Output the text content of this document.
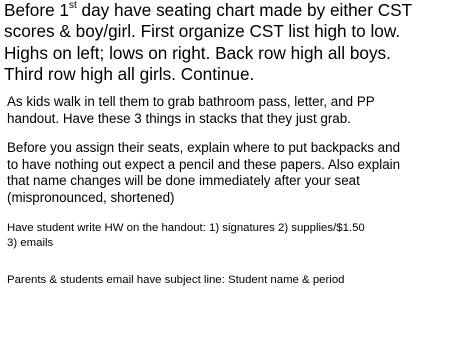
Before 1st day have seating chart made by either CST
scores & boy/girl. First organize CST list high to low.
Highs on left; lows on right. Back row high all boys.
Third row high all girls. Continue.
As kids walk in tell them to grab bathroom pass, letter, and PP
handout. Have these 3 things in stacks that they just grab.
Before you assign their seats, explain where to put backpacks and
to have nothing out expect a pencil and these papers. Also explain
that name changes will be done immediately after your seat
(mispronounced, shortened)
Have student write HW on the handout: 1) signatures 2) supplies/$1.50
3) emails
Parents & students email have subject line: Student name & period
